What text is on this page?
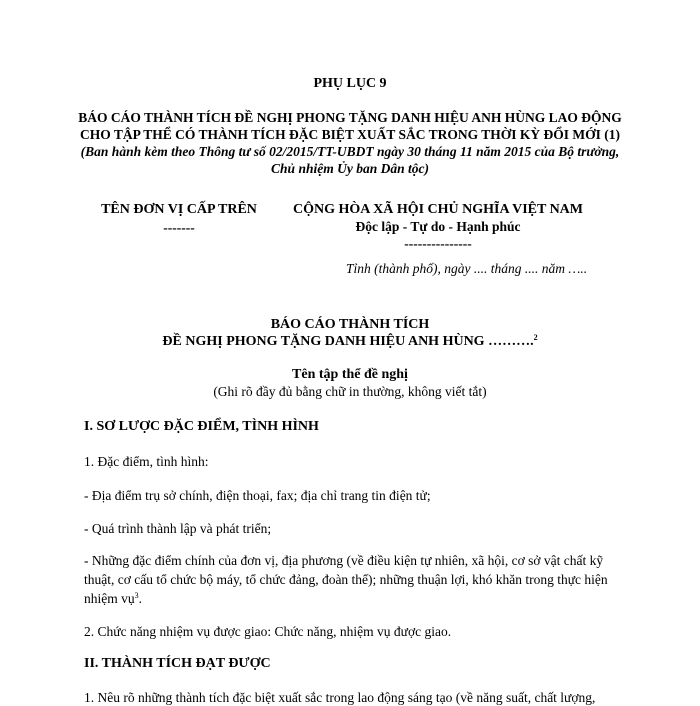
PHỤ LỤC 9
BÁO CÁO THÀNH TÍCH ĐỀ NGHỊ PHONG TẶNG DANH HIỆU ANH HÙNG LAO ĐỘNG
CHO TẬP THỂ CÓ THÀNH TÍCH ĐẶC BIỆT XUẤT SẮC TRONG THỜI KỲ ĐỔI MỚI (1)
(Ban hành kèm theo Thông tư số 02/2015/TT-UBDT ngày 30 tháng 11 năm 2015 của Bộ trưởng,
Chủ nhiệm Ủy ban Dân tộc)
TÊN ĐƠN VỊ CẤP TRÊN
-------
CỘNG HÒA XÃ HỘI CHỦ NGHĨA VIỆT NAM
Độc lập - Tự do - Hạnh phúc
---------------
Tỉnh (thành phố), ngày .... tháng .... năm …..
BÁO CÁO THÀNH TÍCH
ĐỀ NGHỊ PHONG TẶNG DANH HIỆU ANH HÙNG ……….$^2$
Tên tập thể đề nghị
(Ghi rõ đầy đủ bằng chữ in thường, không viết tắt)
I. SƠ LƯỢC ĐẶC ĐIỂM, TÌNH HÌNH
1. Đặc điểm, tình hình:
- Địa điểm trụ sở chính, điện thoại, fax; địa chỉ trang tin điện tử;
- Quá trình thành lập và phát triển;
- Những đặc điểm chính của đơn vị, địa phương (về điều kiện tự nhiên, xã hội, cơ sở vật chất kỹ
thuật, cơ cấu tổ chức bộ máy, tổ chức đảng, đoàn thể); những thuận lợi, khó khăn trong thực hiện
nhiệm vụ$^3$.
2. Chức năng nhiệm vụ được giao: Chức năng, nhiệm vụ được giao.
II. THÀNH TÍCH ĐẠT ĐƯỢC
1. Nêu rõ những thành tích đặc biệt xuất sắc trong lao động sáng tạo (về năng suất, chất lượng,
